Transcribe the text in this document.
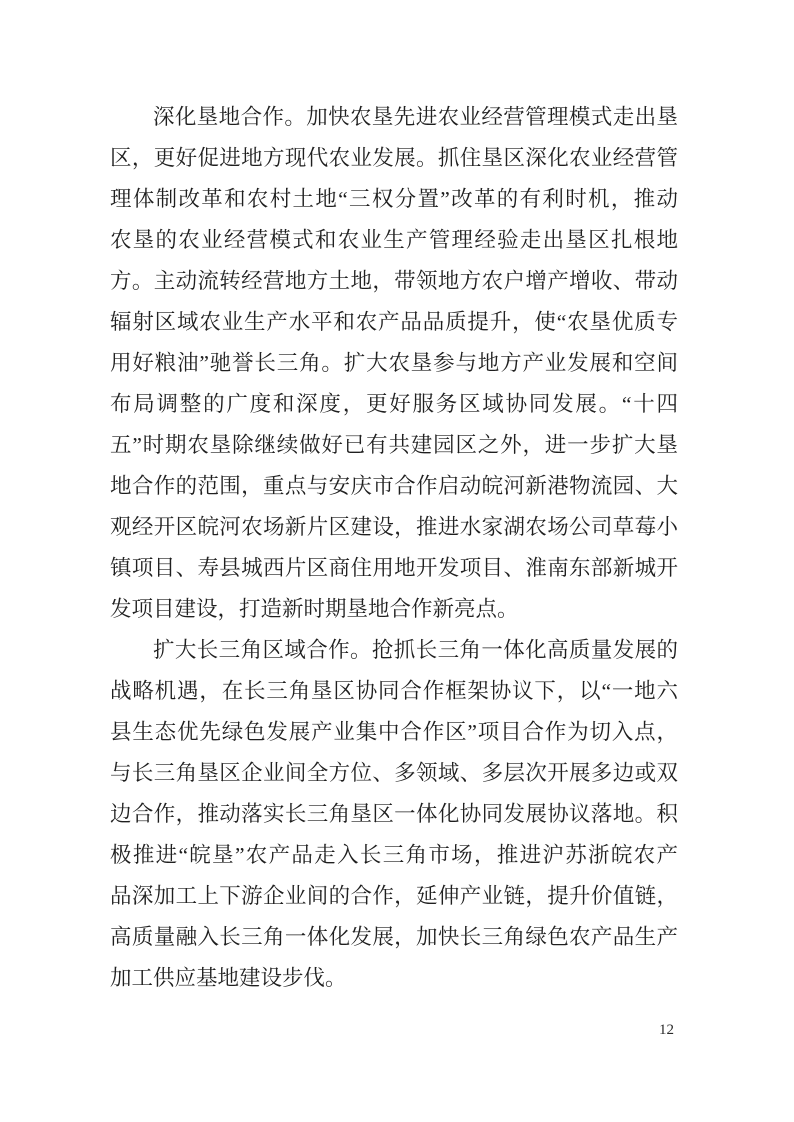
深化垦地合作。加快农垦先进农业经营管理模式走出垦
区，更好促进地方现代农业发展。抓住垦区深化农业经营管
理体制改革和农村土地“三权分置”改革的有利时机，推动
农垦的农业经营模式和农业生产管理经验走出垦区扎根地
方。主动流转经营地方土地，带领地方农户增产增收、带动
辐射区域农业生产水平和农产品品质提升，使“农垦优质专
用好粮油”驰誉长三角。扩大农垦参与地方产业发展和空间
布局调整的广度和深度，更好服务区域协同发展。“十四
五”时期农垦除继续做好已有共建园区之外，进一步扩大垦
地合作的范围，重点与安庆市合作启动皖河新港物流园、大
观经开区皖河农场新片区建设，推进水家湖农场公司草莓小
镇项目、寿县城西片区商住用地开发项目、淮南东部新城开
发项目建设，打造新时期垦地合作新亮点。
扩大长三角区域合作。抢抓长三角一体化高质量发展的
战略机遇，在长三角垦区协同合作框架协议下，以“一地六
县生态优先绿色发展产业集中合作区”项目合作为切入点，
与长三角垦区企业间全方位、多领域、多层次开展多边或双
边合作，推动落实长三角垦区一体化协同发展协议落地。积
极推进“皖垦”农产品走入长三角市场，推进沪苏浙皖农产
品深加工上下游企业间的合作，延伸产业链，提升价值链，
高质量融入长三角一体化发展，加快长三角绿色农产品生产
加工供应基地建设步伐。
12
